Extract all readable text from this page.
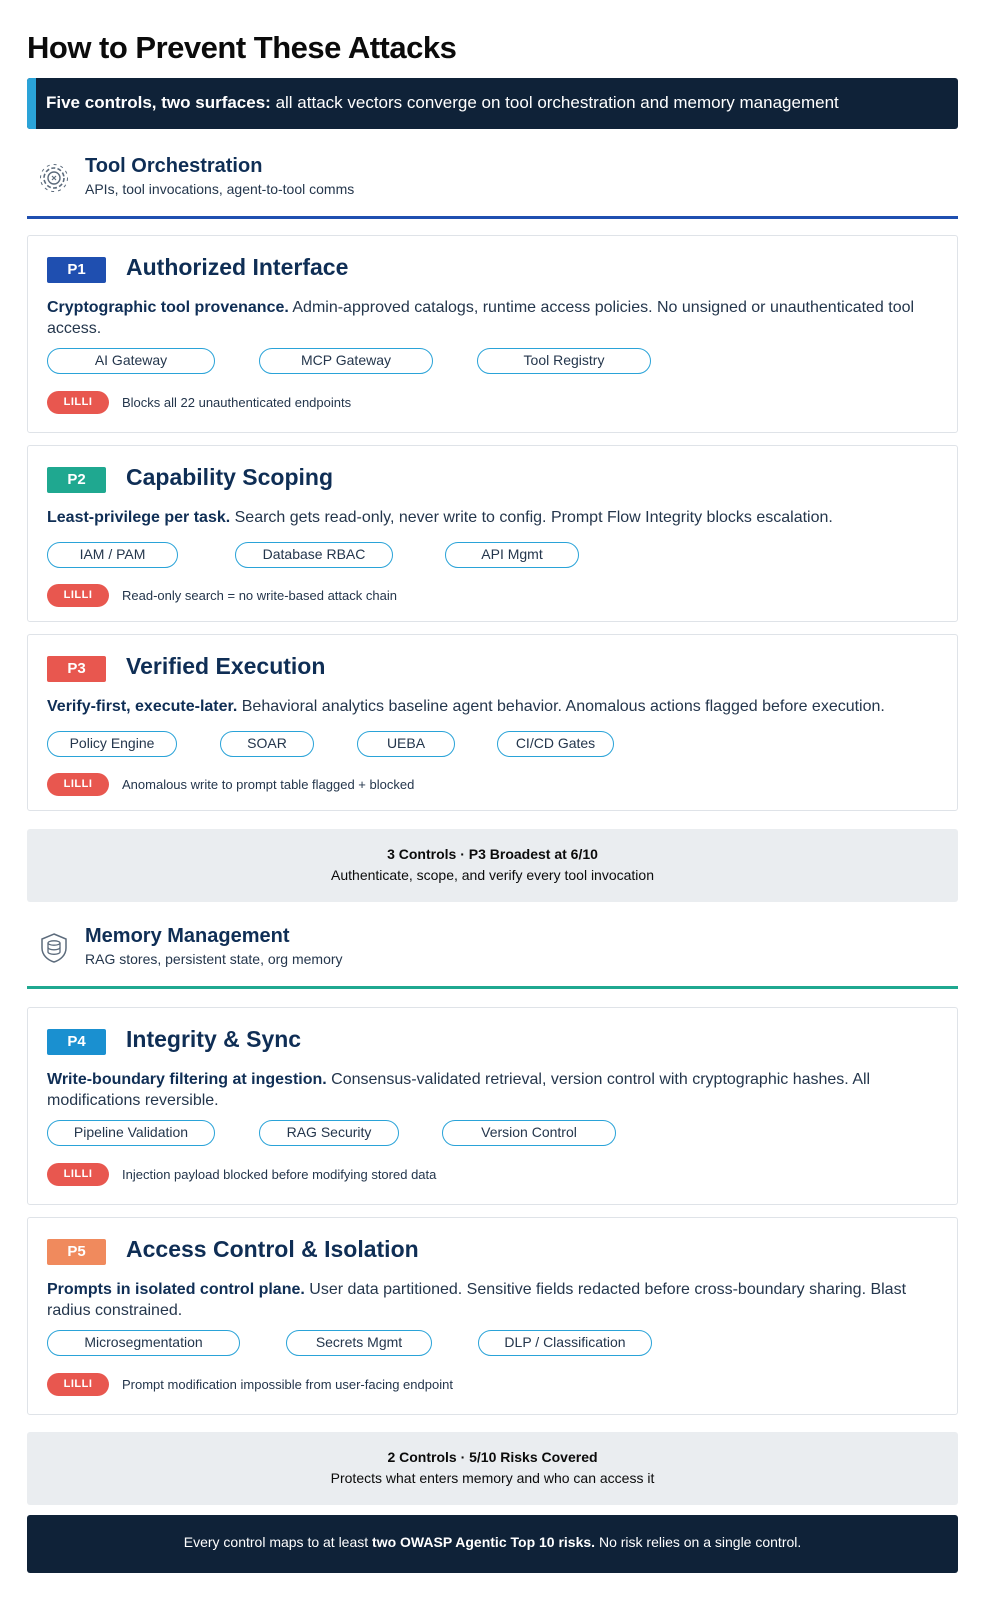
How to Prevent These Attacks
Five controls, two surfaces: all attack vectors converge on tool orchestration and memory management
Tool Orchestration
APIs, tool invocations, agent-to-tool comms
P1	Authorized Interface
Cryptographic tool provenance. Admin-approved catalogs, runtime access policies. No unsigned or unauthenticated tool access.
AI Gateway	MCP Gateway	Tool Registry
LILLI	Blocks all 22 unauthenticated endpoints
P2	Capability Scoping
Least-privilege per task. Search gets read-only, never write to config. Prompt Flow Integrity blocks escalation.
IAM / PAM	Database RBAC	API Mgmt
LILLI	Read-only search = no write-based attack chain
P3	Verified Execution
Verify-first, execute-later. Behavioral analytics baseline agent behavior. Anomalous actions flagged before execution.
Policy Engine	SOAR	UEBA	CI/CD Gates
LILLI	Anomalous write to prompt table flagged + blocked
3 Controls · P3 Broadest at 6/10
Authenticate, scope, and verify every tool invocation
Memory Management
RAG stores, persistent state, org memory
P4	Integrity & Sync
Write-boundary filtering at ingestion. Consensus-validated retrieval, version control with cryptographic hashes. All modifications reversible.
Pipeline Validation	RAG Security	Version Control
LILLI	Injection payload blocked before modifying stored data
P5	Access Control & Isolation
Prompts in isolated control plane. User data partitioned. Sensitive fields redacted before cross-boundary sharing. Blast radius constrained.
Microsegmentation	Secrets Mgmt	DLP / Classification
LILLI	Prompt modification impossible from user-facing endpoint
2 Controls · 5/10 Risks Covered
Protects what enters memory and who can access it
Every control maps to at least two OWASP Agentic Top 10 risks. No risk relies on a single control.
